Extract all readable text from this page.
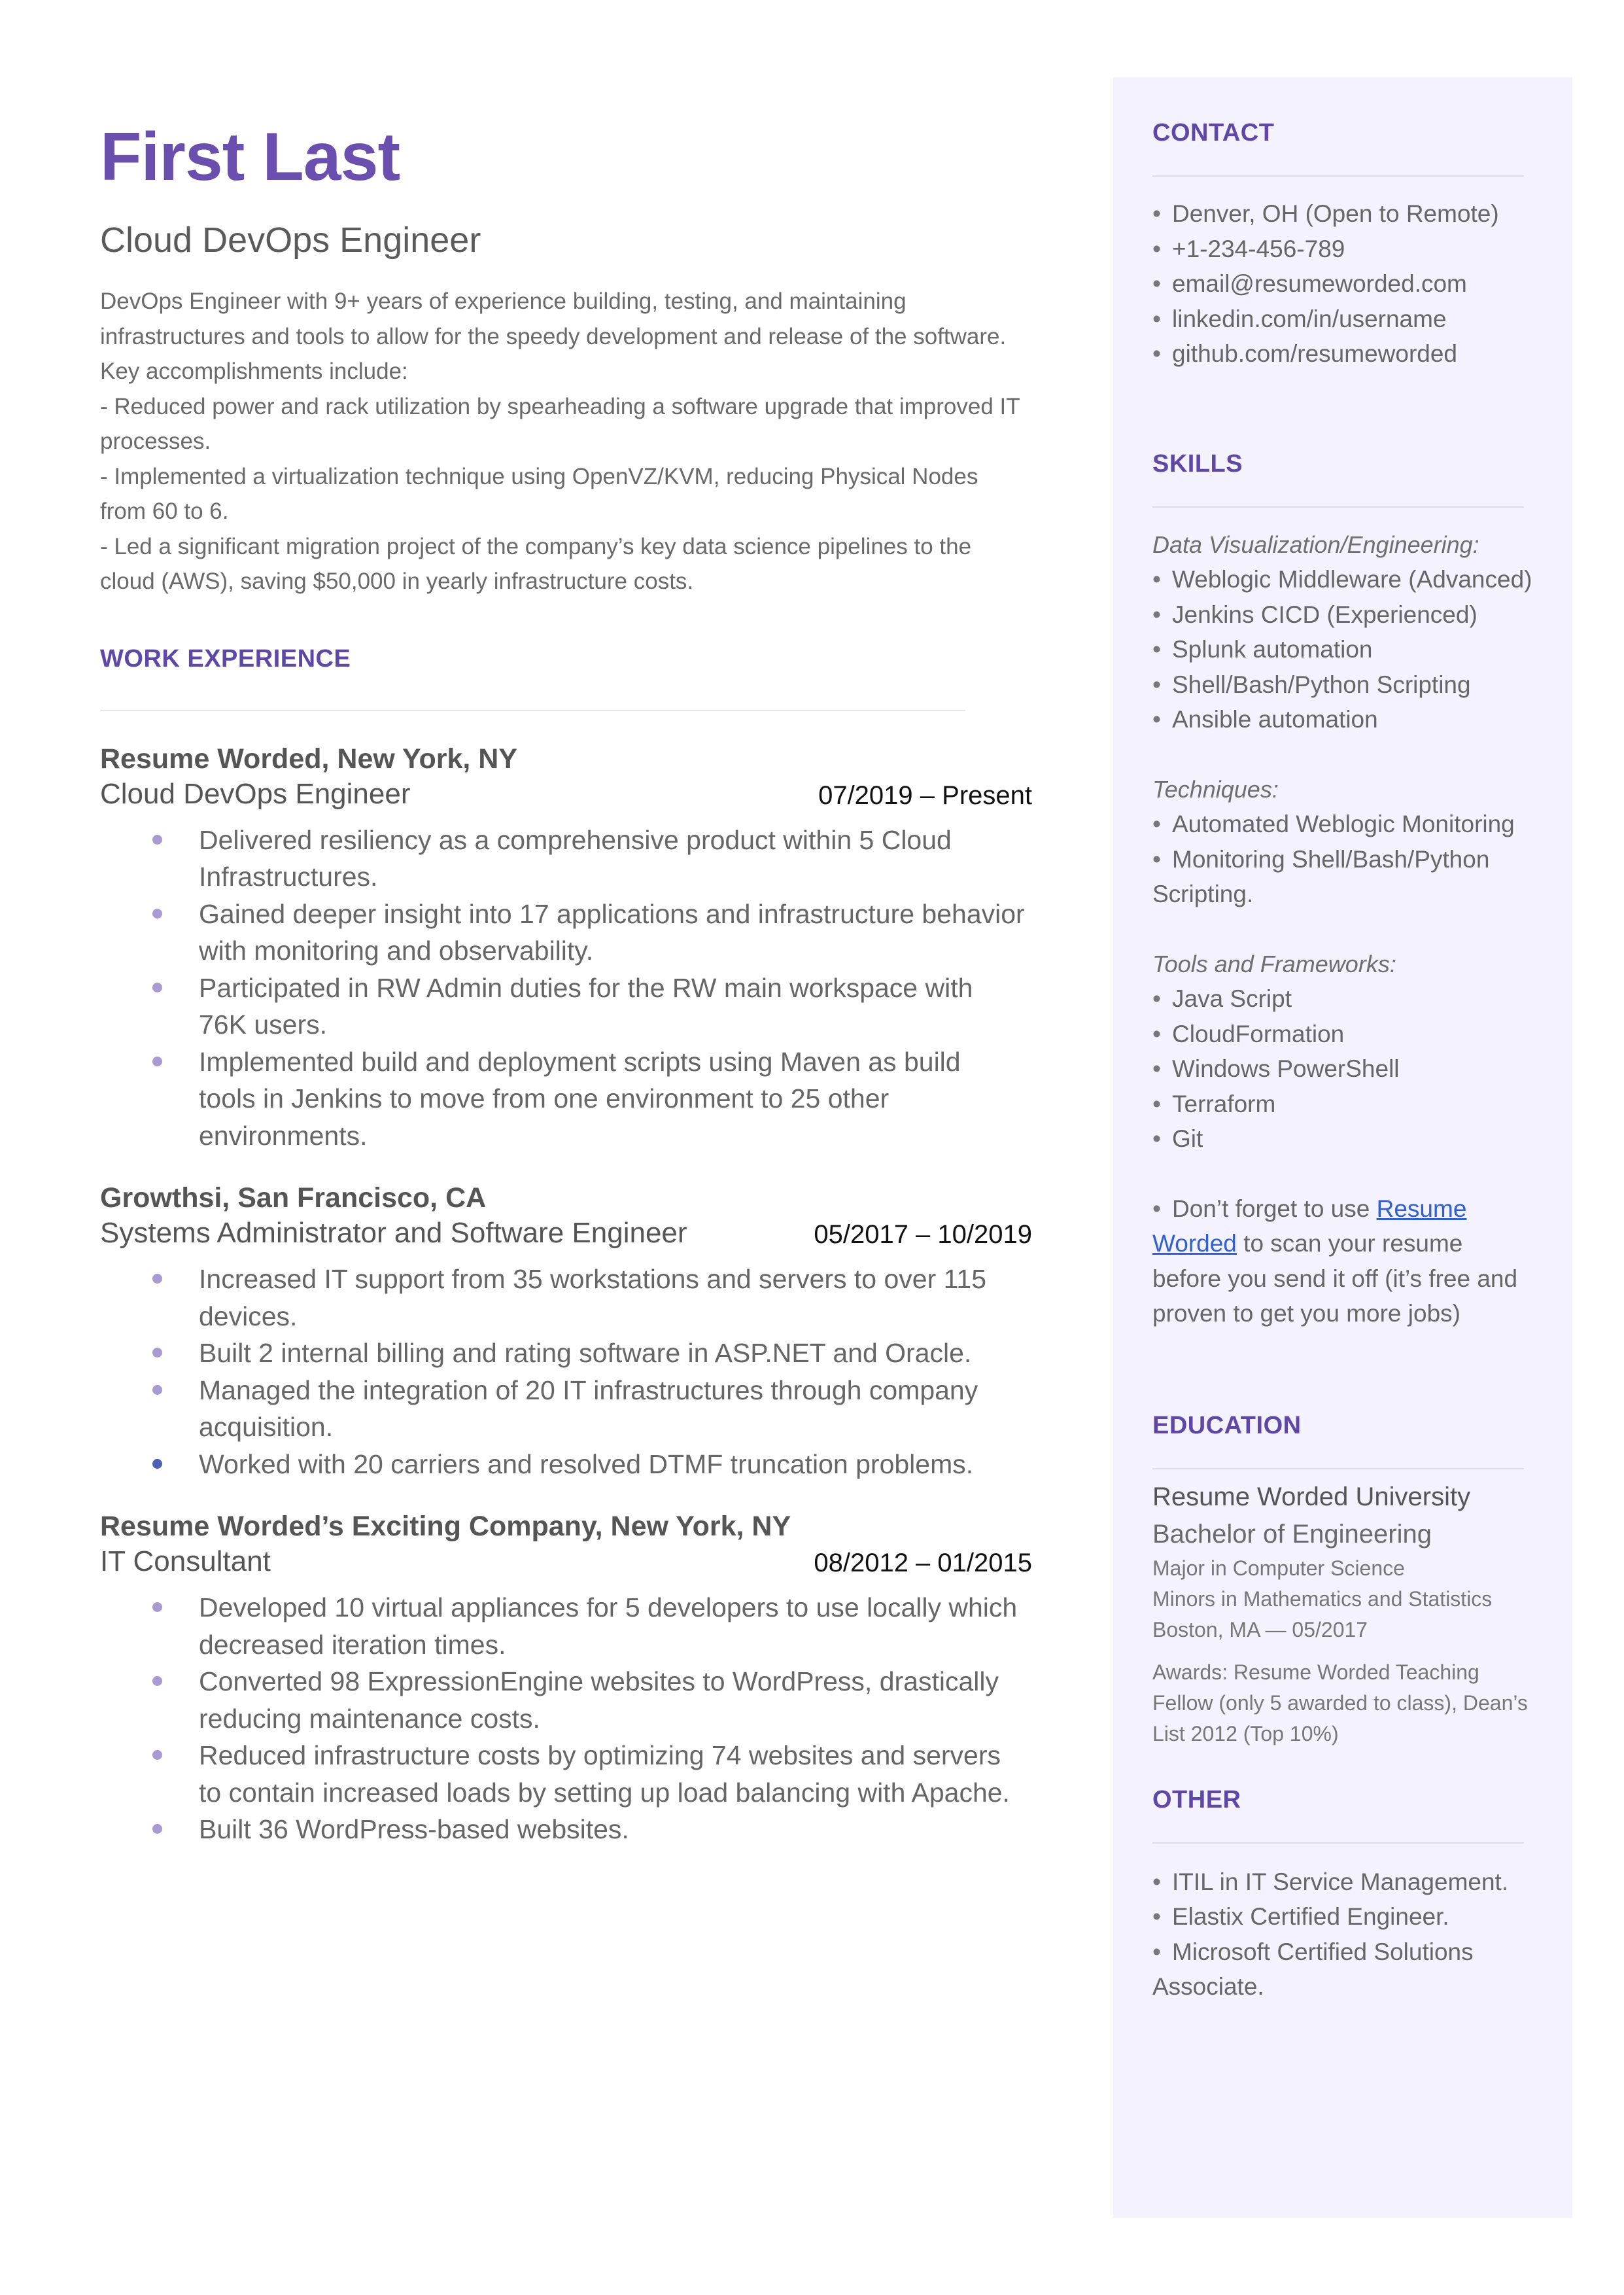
First Last
Cloud DevOps Engineer
DevOps Engineer with 9+ years of experience building, testing, and maintaining
infrastructures and tools to allow for the speedy development and release of the software.
Key accomplishments include:
- Reduced power and rack utilization by spearheading a software upgrade that improved IT
processes.
- Implemented a virtualization technique using OpenVZ/KVM, reducing Physical Nodes
from 60 to 6.
- Led a significant migration project of the company’s key data science pipelines to the
cloud (AWS), saving $50,000 in yearly infrastructure costs.
WORK EXPERIENCE
Resume Worded, New York, NY
Cloud DevOps Engineer	07/2019 – Present
Delivered resiliency as a comprehensive product within 5 Cloud
Infrastructures.
Gained deeper insight into 17 applications and infrastructure behavior
with monitoring and observability.
Participated in RW Admin duties for the RW main workspace with
76K users.
Implemented build and deployment scripts using Maven as build
tools in Jenkins to move from one environment to 25 other
environments.
Growthsi, San Francisco, CA
Systems Administrator and Software Engineer	05/2017 – 10/2019
Increased IT support from 35 workstations and servers to over 115
devices.
Built 2 internal billing and rating software in ASP.NET and Oracle.
Managed the integration of 20 IT infrastructures through company
acquisition.
Worked with 20 carriers and resolved DTMF truncation problems.
Resume Worded’s Exciting Company, New York, NY
IT Consultant	08/2012 – 01/2015
Developed 10 virtual appliances for 5 developers to use locally which
decreased iteration times.
Converted 98 ExpressionEngine websites to WordPress, drastically
reducing maintenance costs.
Reduced infrastructure costs by optimizing 74 websites and servers
to contain increased loads by setting up load balancing with Apache.
Built 36 WordPress-based websites.
CONTACT
• Denver, OH (Open to Remote)
• +1-234-456-789
• email@resumeworded.com
• linkedin.com/in/username
• github.com/resumeworded
SKILLS
Data Visualization/Engineering:
• Weblogic Middleware (Advanced)
• Jenkins CICD (Experienced)
• Splunk automation
• Shell/Bash/Python Scripting
• Ansible automation
Techniques:
• Automated Weblogic Monitoring
• Monitoring Shell/Bash/Python
Scripting.
Tools and Frameworks:
• Java Script
• CloudFormation
• Windows PowerShell
• Terraform
• Git
• Don’t forget to use Resume
Worded to scan your resume
before you send it off (it’s free and
proven to get you more jobs)
EDUCATION
Resume Worded University
Bachelor of Engineering
Major in Computer Science
Minors in Mathematics and Statistics
Boston, MA — 05/2017
Awards: Resume Worded Teaching
Fellow (only 5 awarded to class), Dean’s
List 2012 (Top 10%)
OTHER
• ITIL in IT Service Management.
• Elastix Certified Engineer.
• Microsoft Certified Solutions
Associate.
